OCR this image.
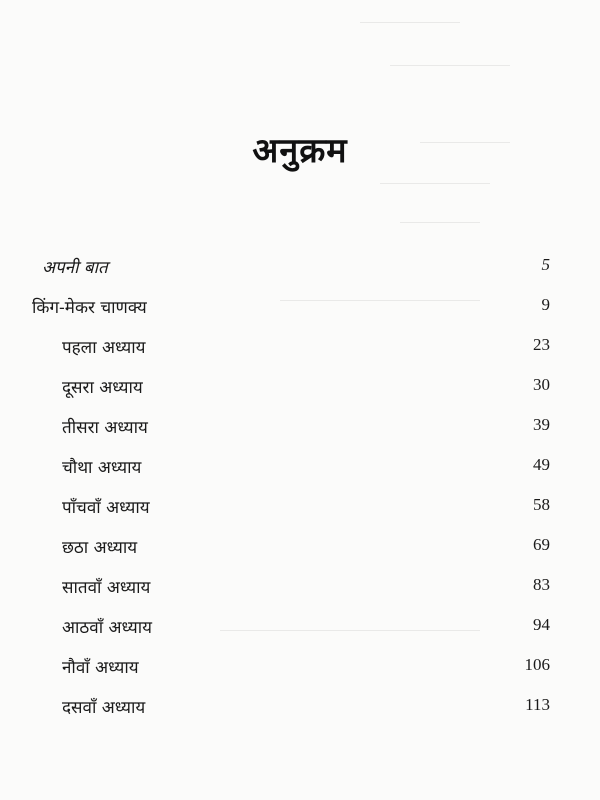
अनुक्रम
अपनी बात	5
किंग-मेकर चाणक्य	9
पहला अध्याय	23
दूसरा अध्याय	30
तीसरा अध्याय	39
चौथा अध्याय	49
पाँचवाँ अध्याय	58
छठा अध्याय	69
सातवाँ अध्याय	83
आठवाँ अध्याय	94
नौवाँ अध्याय	106
दसवाँ अध्याय	113
